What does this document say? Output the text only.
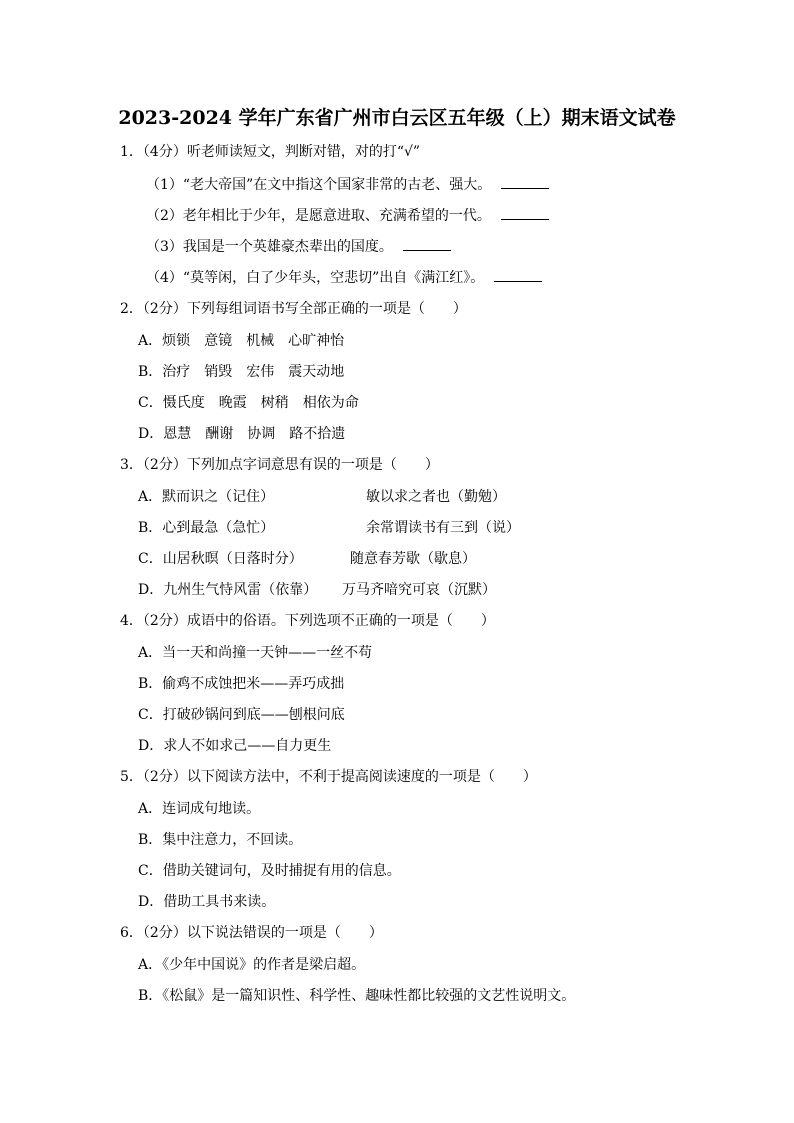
2023-2024 学年广东省广州市白云区五年级（上）期末语文试卷
1．（4分）听老师读短文，判断对错，对的打“√”
（1）“老大帝国”在文中指这个国家非常的古老、强大。
（2）老年相比于少年，是愿意进取、充满希望的一代。
（3）我国是一个英雄豪杰辈出的国度。
（4）“莫等闲，白了少年头，空悲切”出自《满江红》。
2．（2分）下列每组词语书写全部正确的一项是（　　）
A．烦锁　意镜　机械　心旷神怡
B．治疗　销毁　宏伟　震天动地
C．慑氏度　晚霞　树稍　相依为命
D．恩慧　酬谢　协调　路不拾遗
3．（2分）下列加点字词意思有误的一项是（　　）
A．默而识之（记住）	敏以求之者也（勤勉）
B．心到最急（急忙）	余常谓读书有三到（说）
C．山居秋暝（日落时分）	随意春芳歇（歇息）
D．九州生气恃风雷（依靠） 万马齐喑究可哀（沉默）
4．（2分）成语中的俗语。下列选项不正确的一项是（　　）
A．当一天和尚撞一天钟——一丝不苟
B．偷鸡不成蚀把米——弄巧成拙
C．打破砂锅问到底——刨根问底
D．求人不如求己——自力更生
5．（2分）以下阅读方法中，不利于提高阅读速度的一项是（　　）
A．连词成句地读。
B．集中注意力，不回读。
C．借助关键词句，及时捕捉有用的信息。
D．借助工具书来读。
6．（2分）以下说法错误的一项是（　　）
A．《少年中国说》的作者是梁启超。
B．《松鼠》是一篇知识性、科学性、趣味性都比较强的文艺性说明文。
